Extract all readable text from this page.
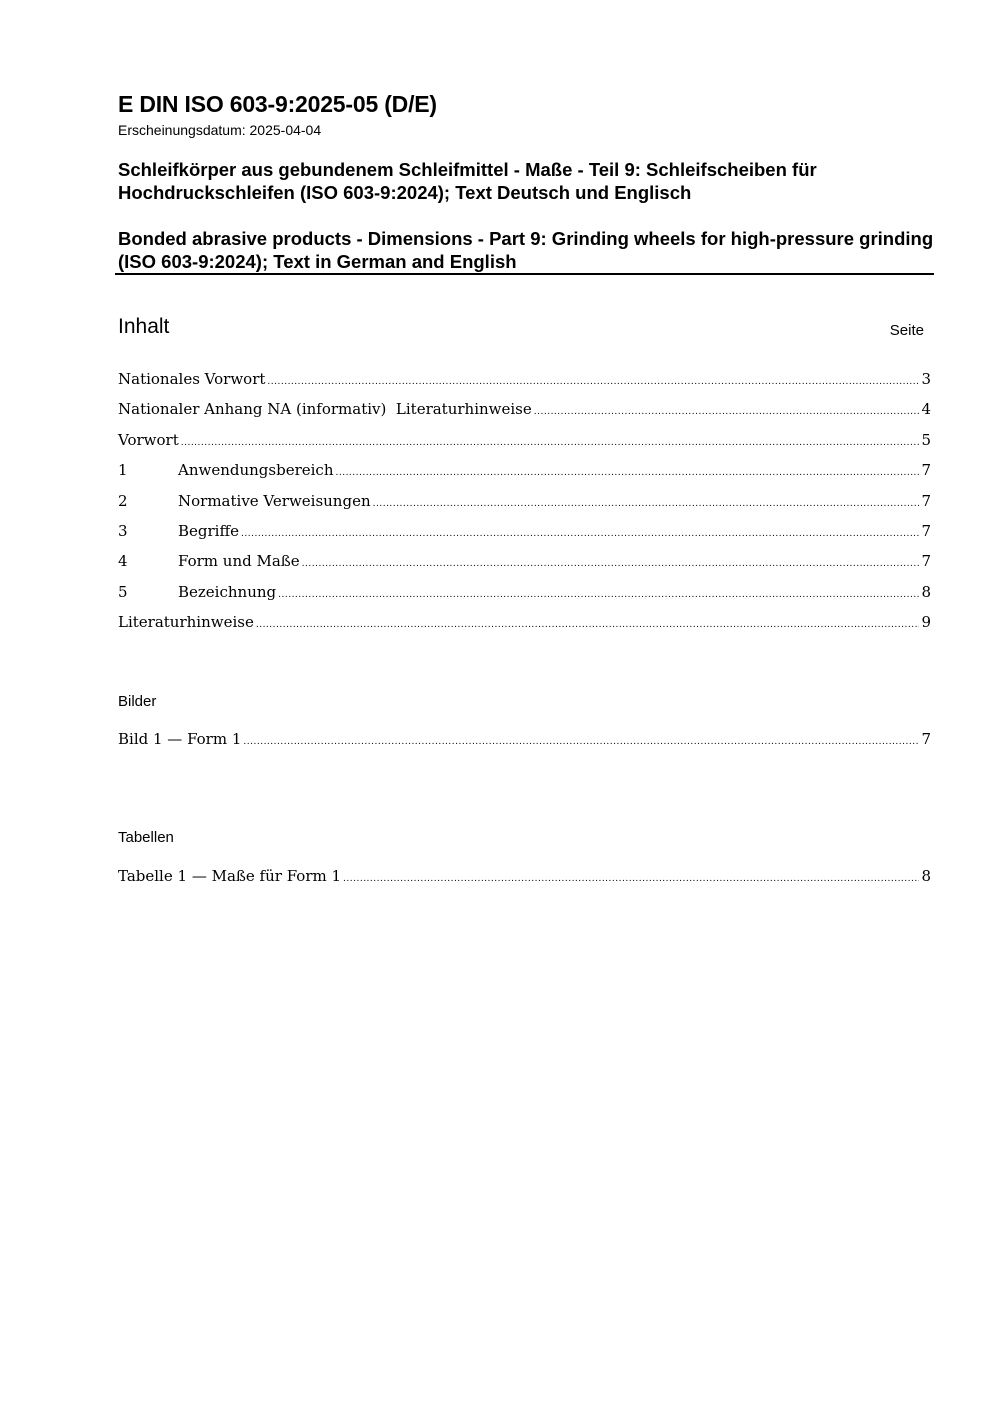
E DIN ISO 603-9:2025-05 (D/E)
Erscheinungsdatum: 2025-04-04
Schleifkörper aus gebundenem Schleifmittel - Maße - Teil 9: Schleifscheiben für Hochdruckschleifen (ISO 603-9:2024); Text Deutsch und Englisch
Bonded abrasive products - Dimensions - Part 9: Grinding wheels for high-pressure grinding (ISO 603-9:2024); Text in German and English
Inhalt	Seite
Nationales Vorwort .....	3
Nationaler Anhang NA (informativ)  Literaturhinweise .....	4
Vorwort .....	5
1	Anwendungsbereich .....	7
2	Normative Verweisungen .....	7
3	Begriffe .....	7
4	Form und Maße .....	7
5	Bezeichnung .....	8
Literaturhinweise .....	9
Bilder
Bild 1 — Form 1 .....	7
Tabellen
Tabelle 1 — Maße für Form 1 .....	8
